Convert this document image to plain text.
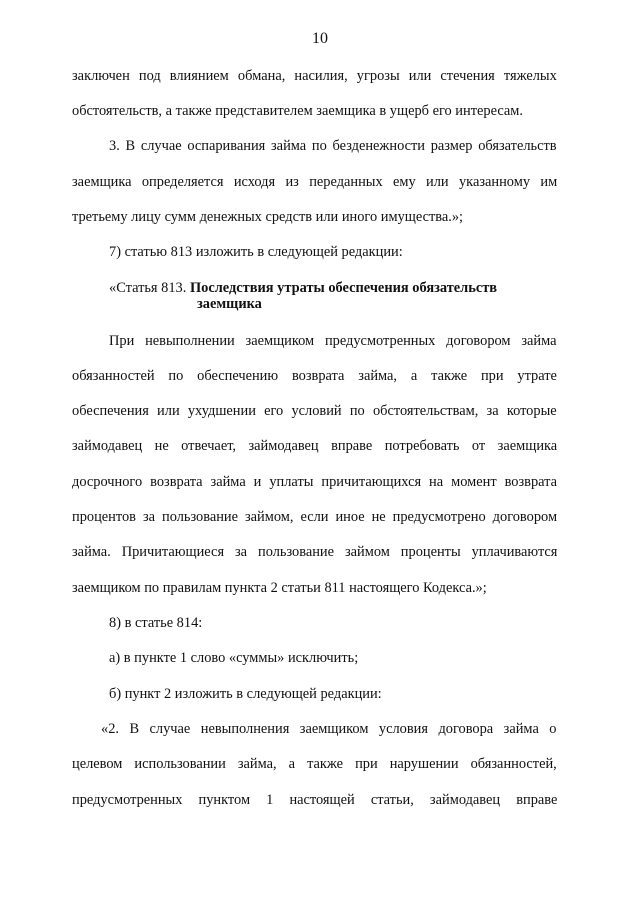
10
заключен под влиянием обмана, насилия, угрозы или стечения тяжелых
обстоятельств, а также представителем заемщика в ущерб его интересам.
3. В случае оспаривания займа по безденежности размер обязательств
заемщика определяется исходя из переданных ему или указанному им
третьему лицу сумм денежных средств или иного имущества.»;
7) статью 813 изложить в следующей редакции:
«Статья 813. Последствия утраты обеспечения обязательств
заемщика
При невыполнении заемщиком предусмотренных договором займа
обязанностей по обеспечению возврата займа, а также при утрате
обеспечения или ухудшении его условий по обстоятельствам, за которые
займодавец не отвечает, займодавец вправе потребовать от заемщика
досрочного возврата займа и уплаты причитающихся на момент возврата
процентов за пользование займом, если иное не предусмотрено договором
займа. Причитающиеся за пользование займом проценты уплачиваются
заемщиком по правилам пункта 2 статьи 811 настоящего Кодекса.»;
8) в статье 814:
а) в пункте 1 слово «суммы» исключить;
б) пункт 2 изложить в следующей редакции:
«2. В случае невыполнения заемщиком условия договора займа о
целевом использовании займа, а также при нарушении обязанностей,
предусмотренных пунктом 1 настоящей статьи, займодавец вправе
